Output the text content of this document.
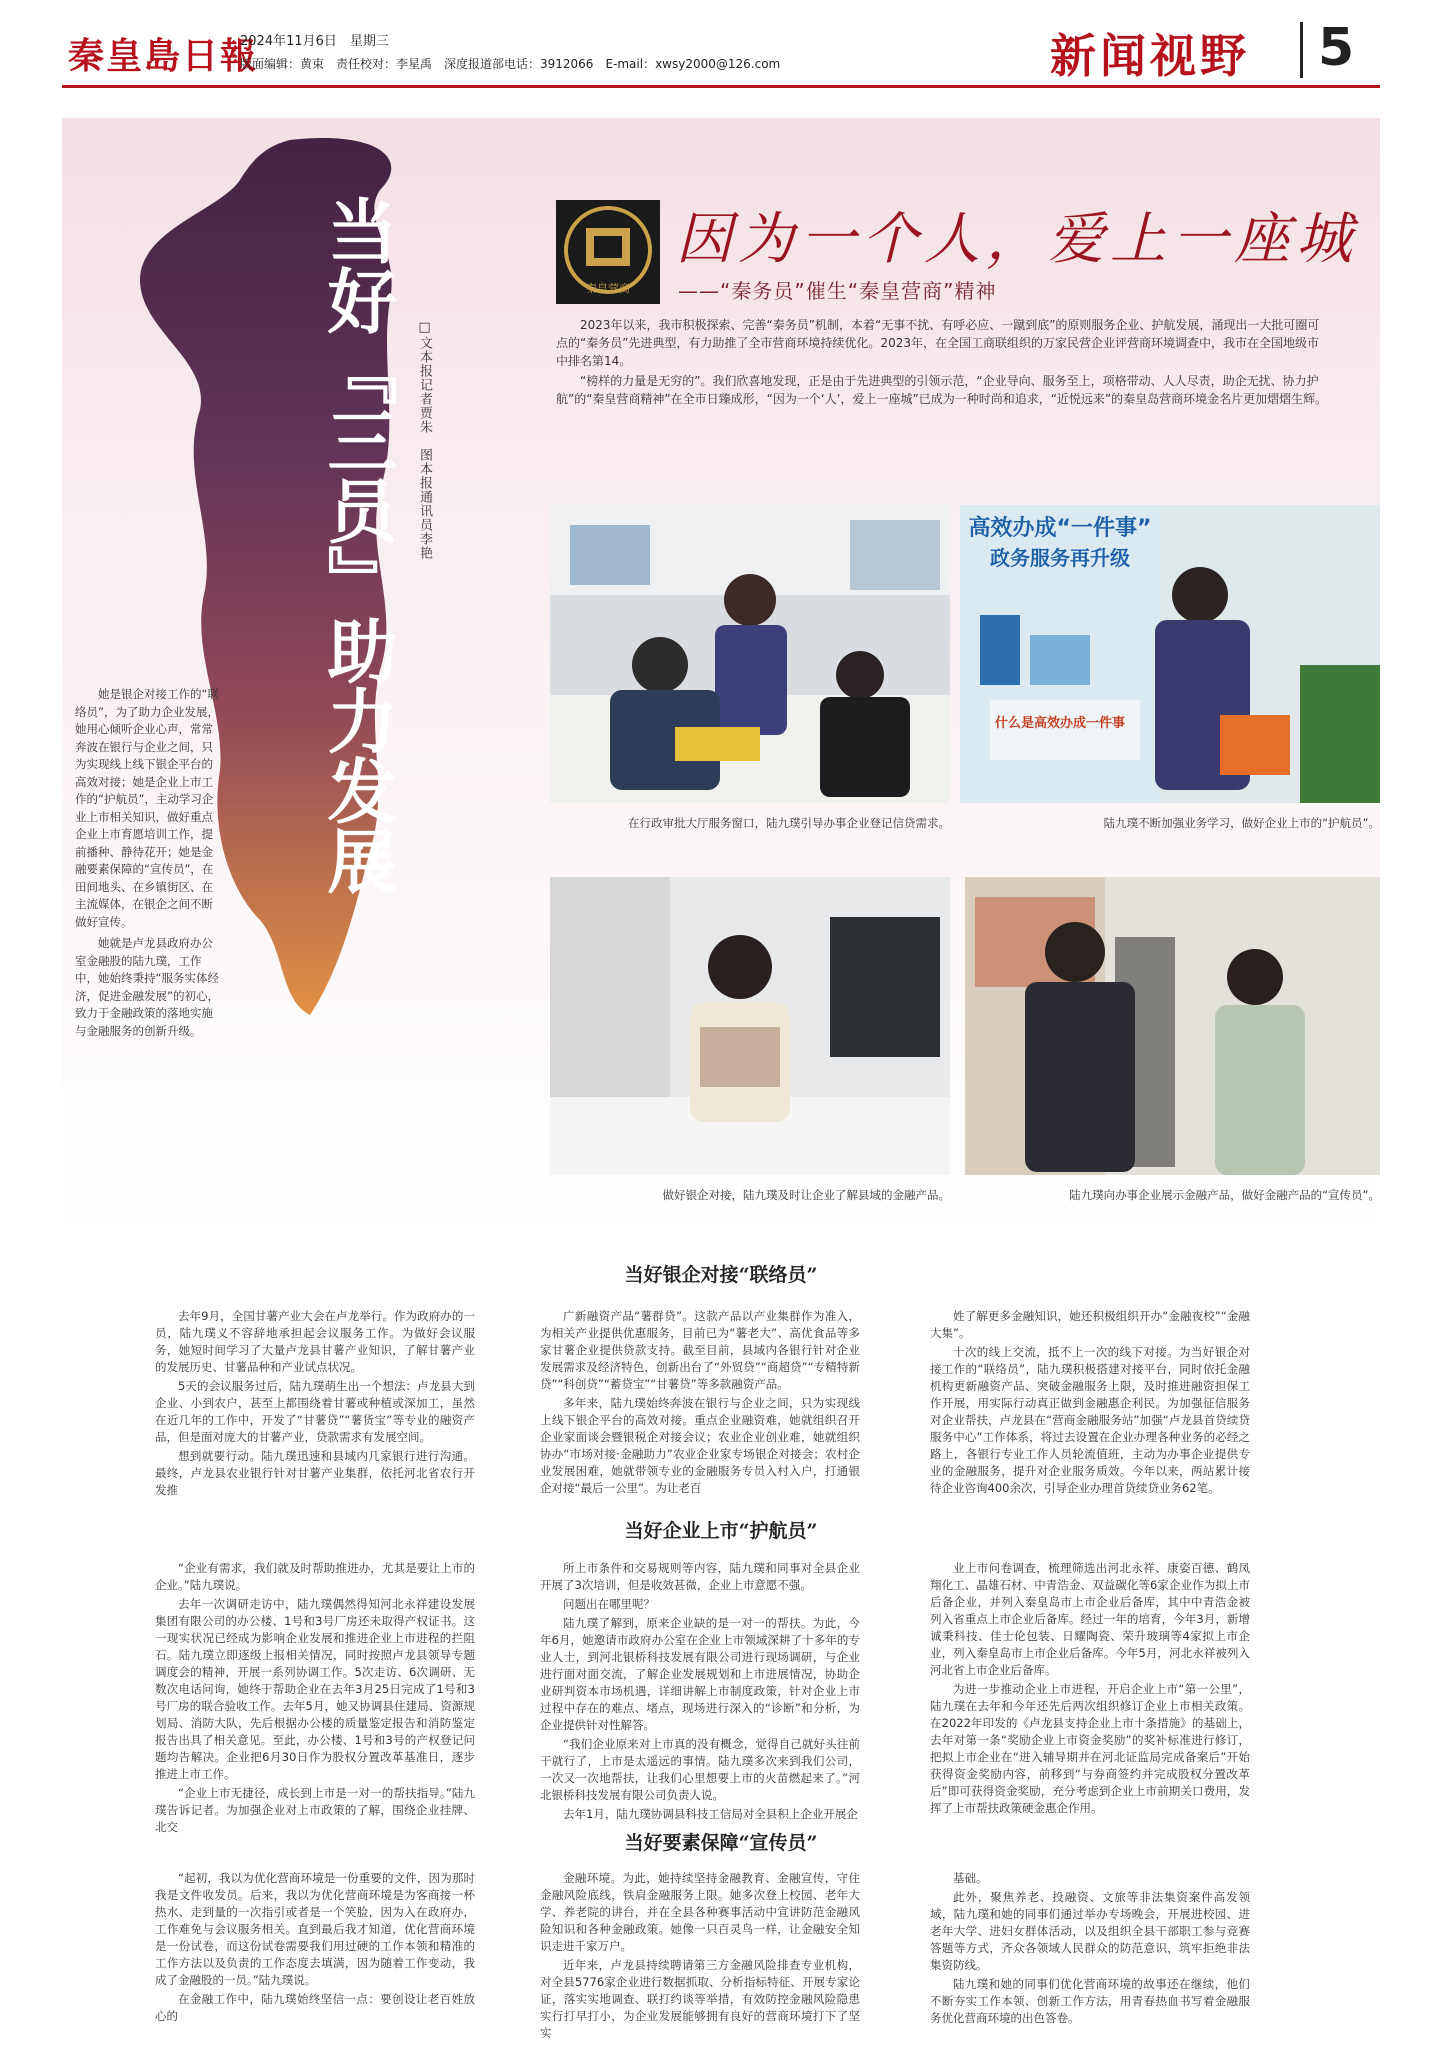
秦皇島日報
2024年11月6日　星期三
版面编辑：黄束　责任校对：李星禹　深度报道部电话：3912066　E-mail：xwsy2000@126.com	新闻视野 5
当好『三员』助力发展 □文本报记者贾朱　图本报通讯员李艳
秦皇营商
因为一个人，爱上一座城
——“秦务员”催生“秦皇营商”精神

2023年以来，我市积极探索、完善“秦务员”机制，本着“无事不扰、有呼必应、一蹴到底”的原则服务企业、护航发展，涌现出一大批可圈可点的“秦务员”先进典型，有力助推了全市营商环境持续优化。2023年，在全国工商联组织的万家民营企业评营商环境调查中，我市在全国地级市中排名第14。

“榜样的力量是无穷的”。我们欣喜地发现，正是由于先进典型的引领示范，“企业导向、服务至上，项格带动、人人尽责，助企无扰、协力护航”的“秦皇营商精神”在全市日臻成形，“因为一个‘人’，爱上一座城”已成为一种时尚和追求，“近悦远来”的秦皇岛营商环境金名片更加熠熠生辉。

她是银企对接工作的“联络员”，为了助力企业发展，她用心倾听企业心声，常常奔波在银行与企业之间，只为实现线上线下银企平台的高效对接；她是企业上市工作的“护航员”，主动学习企业上市相关知识，做好重点企业上市育愿培训工作，提前播种、静待花开；她是金融要素保障的“宣传员”，在田间地头、在乡镇街区、在主流媒体，在银企之间不断做好宣传。

她就是卢龙县政府办公室金融股的陆九璞，工作中，她始终秉持“服务实体经济，促进金融发展”的初心，致力于金融政策的落地实施与金融服务的创新升级。

在行政审批大厅服务窗口，陆九璞引导办事企业登记信贷需求。
高效办成“一件事”
政务服务再升级
什么是高效办成一件事
陆九璞不断加强业务学习，做好企业上市的“护航员”。
做好银企对接，陆九璞及时让企业了解县域的金融产品。	陆九璞向办事企业展示金融产品，做好金融产品的“宣传员”。
当好银企对接“联络员”

去年9月，全国甘薯产业大会在卢龙举行。作为政府办的一员，陆九璞义不容辞地承担起会议服务工作。为做好会议服务，她短时间学习了大量卢龙县甘薯产业知识，了解甘薯产业的发展历史、甘薯品种和产业试点状况。

5天的会议服务过后，陆九璞萌生出一个想法：卢龙县大到企业、小到农户，甚至上都围绕着甘薯或种植或深加工，虽然在近几年的工作中，开发了“甘薯贷”“薯货宝”等专业的融资产品，但是面对庞大的甘薯产业，贷款需求有发展空间。

想到就要行动。陆九璞迅速和县域内几家银行进行沟通。最终，卢龙县农业银行针对甘薯产业集群，依托河北省农行开发推

广新融资产品“薯群贷”。这款产品以产业集群作为准入，为相关产业提供优惠服务，目前已为“薯老大”、高优食品等多家甘薯企业提供贷款支持。截至目前，县域内各银行针对企业发展需求及经济特色，创新出台了“外贸贷”“商超贷”“专精特新贷”“科创贷”“蓄贷宝”“甘薯贷”等多款融资产品。

多年来，陆九璞始终奔波在银行与企业之间，只为实现线上线下银企平台的高效对接。重点企业融资难，她就组织召开企业家面谈会暨银税企对接会议；农业企业创业难，她就组织协办“市场对接·金融助力”农业企业家专场银企对接会；农村企业发展困难，她就带领专业的金融服务专员入村入户，打通银企对接“最后一公里”。为让老百

姓了解更多金融知识，她还积极组织开办“金融夜校”“金融大集”。

十次的线上交流，抵不上一次的线下对接。为当好银企对接工作的“联络员”，陆九璞积极搭建对接平台，同时依托金融机构更新融资产品、突破金融服务上限，及时推进融资担保工作开展，用实际行动真正做到金融惠企利民。为加强征信服务对企业帮扶，卢龙县在“营商金融服务站”加强“卢龙县首贷续贷服务中心”工作体系，将过去设置在企业办理各种业务的必经之路上，各银行专业工作人员轮流值班，主动为办事企业提供专业的金融服务，提升对企业服务质效。今年以来，两站累计接待企业咨询400余次，引导企业办理首贷续贷业务62笔。

当好企业上市“护航员”

“企业有需求，我们就及时帮助推进办，尤其是要让上市的企业。”陆九璞说。

去年一次调研走访中，陆九璞偶然得知河北永祥建设发展集团有限公司的办公楼、1号和3号厂房还未取得产权证书。这一现实状况已经成为影响企业发展和推进企业上市进程的拦阻石。陆九璞立即逐级上报相关情况，同时按照卢龙县领导专题调度会的精神，开展一系列协调工作。5次走访、6次调研、无数次电话问询，她终于帮助企业在去年3月25日完成了1号和3号厂房的联合验收工作。去年5月，她又协调县住建局、资源规划局、消防大队，先后根据办公楼的质量鉴定报告和消防鉴定报告出具了相关意见。至此，办公楼、1号和3号的产权登记问题均告解决。企业把6月30日作为股权分置改革基准日，逐步推进上市工作。

“企业上市无捷径，成长到上市是一对一的帮扶指导。”陆九璞告诉记者。为加强企业对上市政策的了解，围绕企业挂牌、北交

所上市条件和交易规则等内容，陆九璞和同事对全县企业开展了3次培训，但是收效甚微，企业上市意愿不强。

问题出在哪里呢？

陆九璞了解到，原来企业缺的是一对一的帮扶。为此，今年6月，她邀请市政府办公室在企业上市领域深耕了十多年的专业人士，到河北银桥科技发展有限公司进行现场调研，与企业进行面对面交流，了解企业发展规划和上市进展情况，协助企业研判资本市场机遇，详细讲解上市制度政策，针对企业上市过程中存在的难点、堵点，现场进行深入的“诊断”和分析，为企业提供针对性解答。

“我们企业原来对上市真的没有概念，觉得自己就好头往前干就行了，上市是太遥远的事情。陆九璞多次来到我们公司，一次又一次地帮扶，让我们心里想要上市的火苗燃起来了。”河北银桥科技发展有限公司负责人说。

去年1月，陆九璞协调县科技工信局对全县积上企业开展企

业上市问卷调查，梳理筛选出河北永祥、康姿百德、鹤凤翔化工、晶雄石材、中青浩金、双益碳化等6家企业作为拟上市后备企业，并列入秦皇岛市上市企业后备库，其中中青浩金被列入省重点上市企业后备库。经过一年的培育，今年3月，新增诚秉科技、佳士伦包装、日耀陶瓷、荣升玻璃等4家拟上市企业，列入秦皇岛市上市企业后备库。今年5月，河北永祥被列入河北省上市企业后备库。

为进一步推动企业上市进程，开启企业上市“第一公里”，陆九璞在去年和今年还先后两次组织修订企业上市相关政策。在2022年印发的《卢龙县支持企业上市十条措施》的基础上，去年对第一条“奖励企业上市资金奖励”的奖补标准进行修订，把拟上市企业在“进入辅导期并在河北证监局完成备案后”开始获得资金奖励内容，前移到“与券商签约并完成股权分置改革后”即可获得资金奖励，充分考虑到企业上市前期关口费用，发挥了上市帮扶政策硬金惠企作用。

当好要素保障“宣传员”

“起初，我以为优化营商环境是一份重要的文件，因为那时我是文件收发员。后来，我以为优化营商环境是为客商接一杯热水、走到量的一次指引或者是一个笑脸，因为入在政府办，工作难免与会议服务相关。直到最后我才知道，优化营商环境是一份试卷，而这份试卷需要我们用过硬的工作本领和精准的工作方法以及负责的工作态度去填满，因为随着工作变动，我成了金融股的一员。”陆九璞说。

在金融工作中，陆九璞始终坚信一点：要创设让老百姓放心的

金融环境。为此，她持续坚持金融教育、金融宣传，守住金融风险底线，铁肩金融服务上限。她多次登上校园、老年大学、养老院的讲台，并在全县各种赛事活动中宣讲防范金融风险知识和各种金融政策。她像一只百灵鸟一样，让金融安全知识走进千家万户。

近年来，卢龙县持续聘请第三方金融风险排查专业机构，对全县5776家企业进行数据抓取、分析指标特征、开展专家论证，落实实地调查、联打约谈等举措，有效防控金融风险隐患实行打早打小，为企业发展能够拥有良好的营商环境打下了坚实

基础。

此外，聚焦养老、投融资、文旅等非法集资案件高发领域，陆九璞和她的同事们通过举办专场晚会，开展进校园、进老年大学、进妇女群体活动，以及组织全县干部职工参与竞赛答题等方式，齐众各领域人民群众的防范意识，筑牢拒绝非法集资防线。

陆九璞和她的同事们优化营商环境的故事还在继续，他们不断夯实工作本领、创新工作方法，用青春热血书写着金融服务优化营商环境的出色答卷。
